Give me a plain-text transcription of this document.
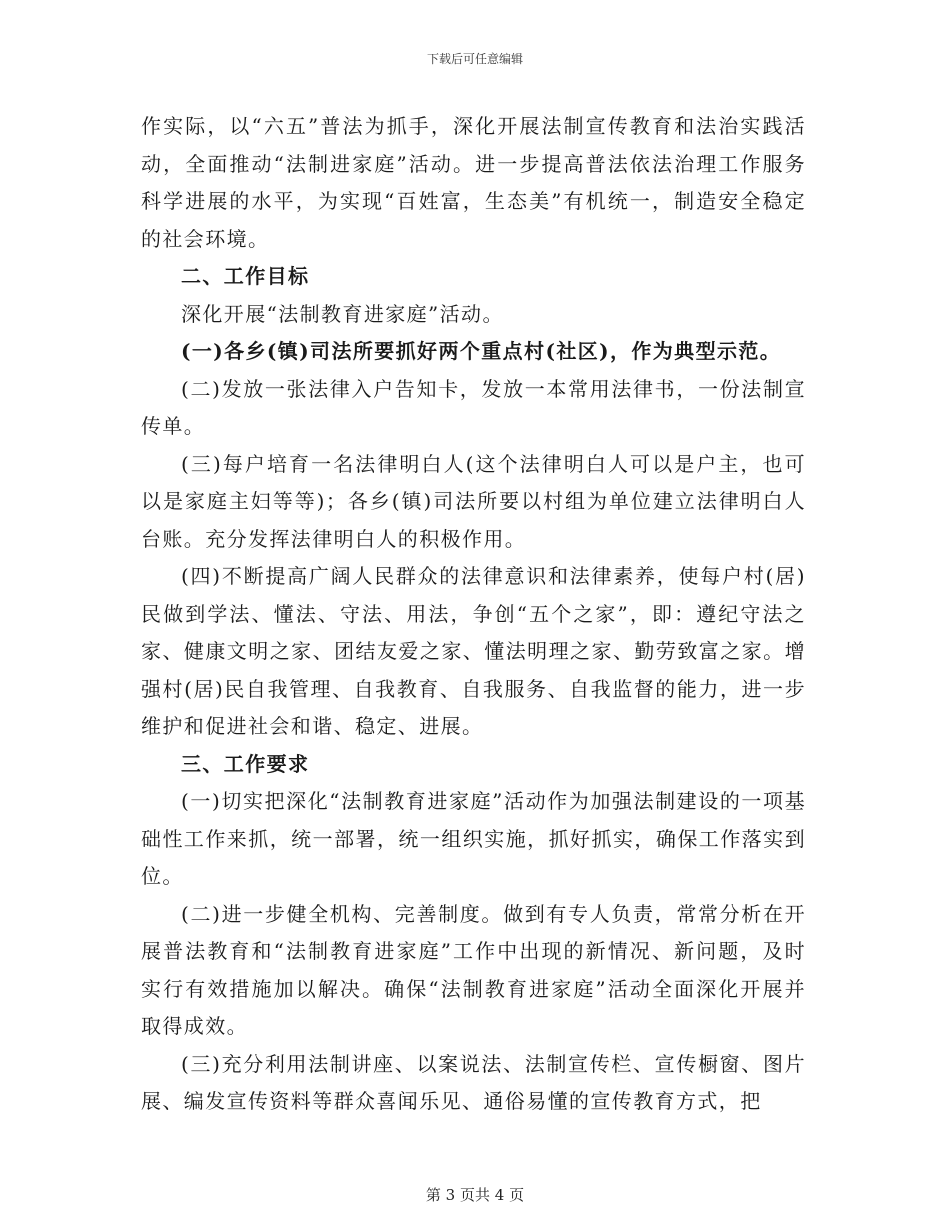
下载后可任意编辑

作实际，以“六五”普法为抓手，深化开展法制宣传教育和法治实践活动，全面推动“法制进家庭”活动。进一步提高普法依法治理工作服务科学进展的水平，为实现“百姓富，生态美”有机统一，制造安全稳定的社会环境。

二、工作目标

深化开展“法制教育进家庭”活动。

(一)各乡(镇)司法所要抓好两个重点村(社区)，作为典型示范。

(二)发放一张法律入户告知卡，发放一本常用法律书，一份法制宣传单。

(三)每户培育一名法律明白人(这个法律明白人可以是户主，也可以是家庭主妇等等)；各乡(镇)司法所要以村组为单位建立法律明白人台账。充分发挥法律明白人的积极作用。

(四)不断提高广阔人民群众的法律意识和法律素养，使每户村(居)民做到学法、懂法、守法、用法，争创“五个之家”，即：遵纪守法之家、健康文明之家、团结友爱之家、懂法明理之家、勤劳致富之家。增强村(居)民自我管理、自我教育、自我服务、自我监督的能力，进一步维护和促进社会和谐、稳定、进展。

三、工作要求

(一)切实把深化“法制教育进家庭”活动作为加强法制建设的一项基础性工作来抓，统一部署，统一组织实施，抓好抓实，确保工作落实到位。

(二)进一步健全机构、完善制度。做到有专人负责，常常分析在开展普法教育和“法制教育进家庭”工作中出现的新情况、新问题，及时实行有效措施加以解决。确保“法制教育进家庭”活动全面深化开展并取得成效。

(三)充分利用法制讲座、以案说法、法制宣传栏、宣传橱窗、图片展、编发宣传资料等群众喜闻乐见、通俗易懂的宣传教育方式，把

第 3 页共 4 页
